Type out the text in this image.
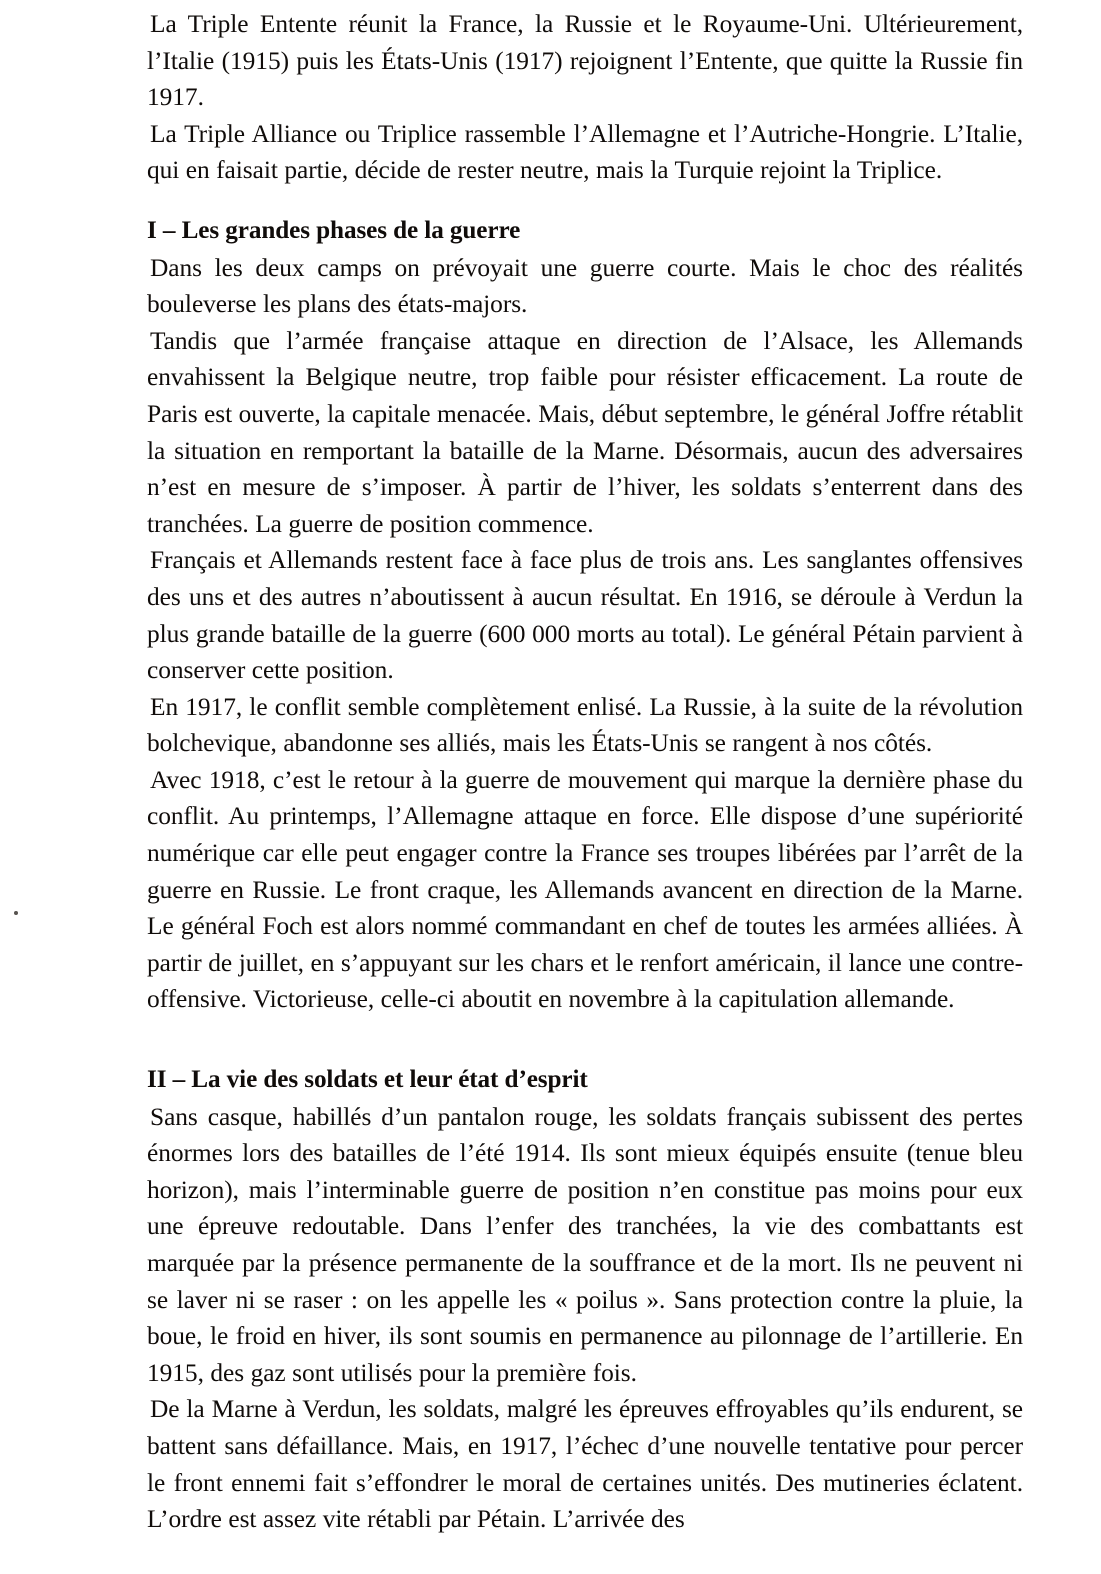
La Triple Entente réunit la France, la Russie et le Royaume-Uni. Ultérieurement, l’Italie (1915) puis les États-Unis (1917) rejoignent l’Entente, que quitte la Russie fin 1917.

La Triple Alliance ou Triplice rassemble l’Allemagne et l’Autriche-Hongrie. L’Italie, qui en faisait partie, décide de rester neutre, mais la Turquie rejoint la Triplice.

I – Les grandes phases de la guerre

Dans les deux camps on prévoyait une guerre courte. Mais le choc des réalités bouleverse les plans des états-majors.

Tandis que l’armée française attaque en direction de l’Alsace, les Allemands envahissent la Belgique neutre, trop faible pour résister efficacement. La route de Paris est ouverte, la capitale menacée. Mais, début septembre, le général Joffre rétablit la situation en remportant la bataille de la Marne. Désormais, aucun des adversaires n’est en mesure de s’imposer. À partir de l’hiver, les soldats s’enterrent dans des tranchées. La guerre de position commence.

Français et Allemands restent face à face plus de trois ans. Les sanglantes offensives des uns et des autres n’aboutissent à aucun résultat. En 1916, se déroule à Verdun la plus grande bataille de la guerre (600 000 morts au total). Le général Pétain parvient à conserver cette position.

En 1917, le conflit semble complètement enlisé. La Russie, à la suite de la révolution bolchevique, abandonne ses alliés, mais les États-Unis se rangent à nos côtés.

Avec 1918, c’est le retour à la guerre de mouvement qui marque la dernière phase du conflit. Au printemps, l’Allemagne attaque en force. Elle dispose d’une supériorité numérique car elle peut engager contre la France ses troupes libérées par l’arrêt de la guerre en Russie. Le front craque, les Allemands avancent en direction de la Marne. Le général Foch est alors nommé commandant en chef de toutes les armées alliées. À partir de juillet, en s’appuyant sur les chars et le renfort américain, il lance une contre-offensive. Victorieuse, celle-ci aboutit en novembre à la capitulation allemande.

II – La vie des soldats et leur état d’esprit

Sans casque, habillés d’un pantalon rouge, les soldats français subissent des pertes énormes lors des batailles de l’été 1914. Ils sont mieux équipés ensuite (tenue bleu horizon), mais l’interminable guerre de position n’en constitue pas moins pour eux une épreuve redoutable. Dans l’enfer des tranchées, la vie des combattants est marquée par la présence permanente de la souffrance et de la mort. Ils ne peuvent ni se laver ni se raser : on les appelle les « poilus ». Sans protection contre la pluie, la boue, le froid en hiver, ils sont soumis en permanence au pilonnage de l’artillerie. En 1915, des gaz sont utilisés pour la première fois.

De la Marne à Verdun, les soldats, malgré les épreuves effroyables qu’ils endurent, se battent sans défaillance. Mais, en 1917, l’échec d’une nouvelle tentative pour percer le front ennemi fait s’effondrer le moral de certaines unités. Des mutineries éclatent. L’ordre est assez vite rétabli par Pétain. L’arrivée des
